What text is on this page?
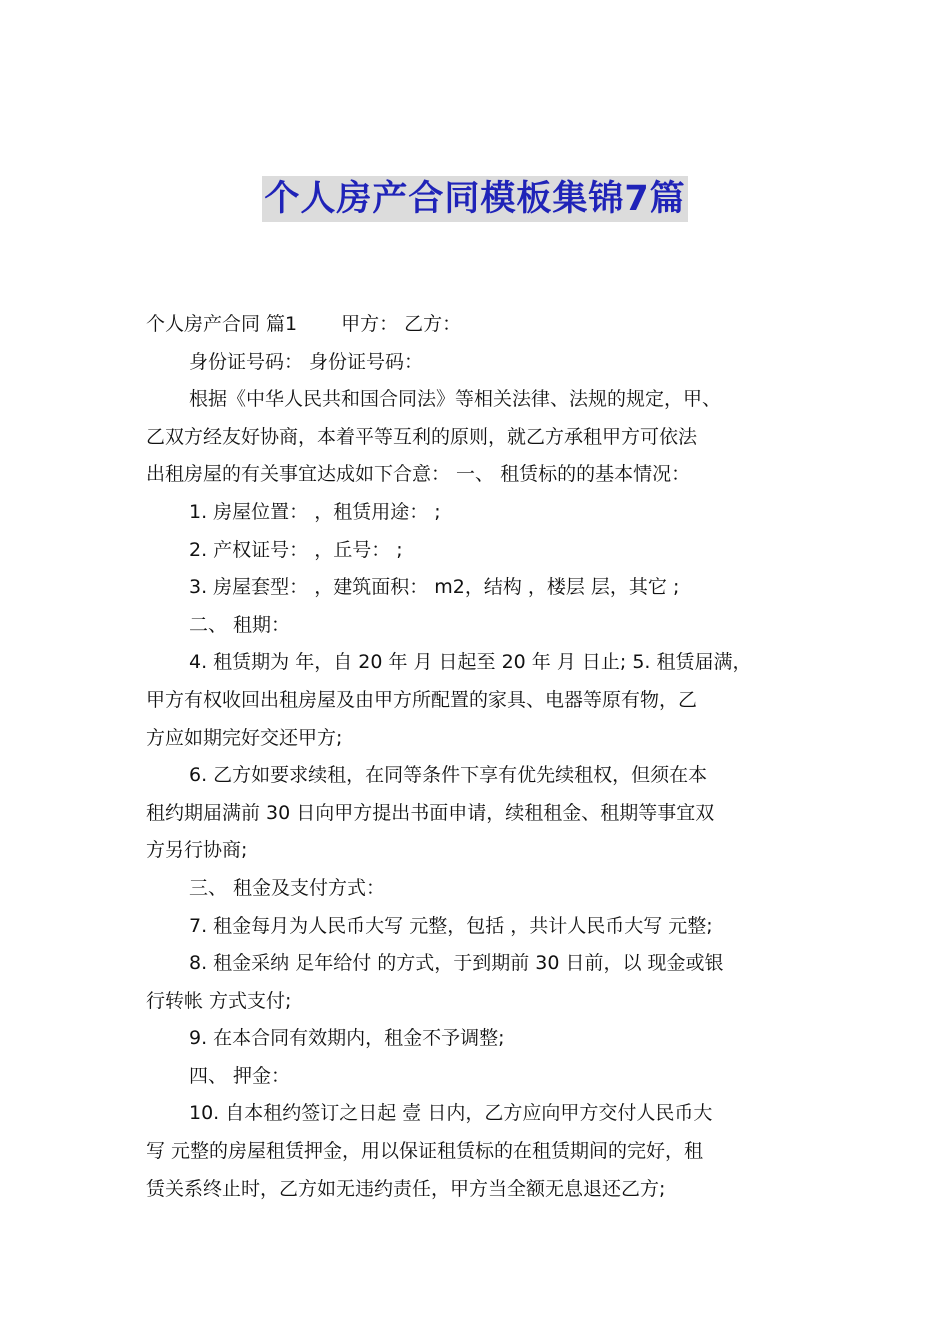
个人房产合同模板集锦7篇

个人房产合同 篇1 甲方： 乙方：

身份证号码： 身份证号码：

根据《中华人民共和国合同法》等相关法律、法规的规定，甲、

乙双方经友好协商，本着平等互利的原则，就乙方承租甲方可依法

出租房屋的有关事宜达成如下合意： 一、 租赁标的的基本情况：

1. 房屋位置： ，租赁用途： ;

2. 产权证号： ，丘号： ;

3. 房屋套型： ，建筑面积： m2，结构 ，楼层 层，其它 ;

二、 租期：

4. 租赁期为 年，自 20 年 月 日起至 20 年 月 日止; 5. 租赁届满，

甲方有权收回出租房屋及由甲方所配置的家具、电器等原有物，乙

方应如期完好交还甲方;

6. 乙方如要求续租，在同等条件下享有优先续租权，但须在本

租约期届满前 30 日向甲方提出书面申请，续租租金、租期等事宜双

方另行协商;

三、 租金及支付方式：

7. 租金每月为人民币大写 元整，包括 ，共计人民币大写 元整;

8. 租金采纳 足年给付 的方式，于到期前 30 日前，以 现金或银

行转帐 方式支付;

9. 在本合同有效期内，租金不予调整;

四、 押金：

10. 自本租约签订之日起 壹 日内，乙方应向甲方交付人民币大

写 元整的房屋租赁押金，用以保证租赁标的在租赁期间的完好，租

赁关系终止时，乙方如无违约责任，甲方当全额无息退还乙方;
